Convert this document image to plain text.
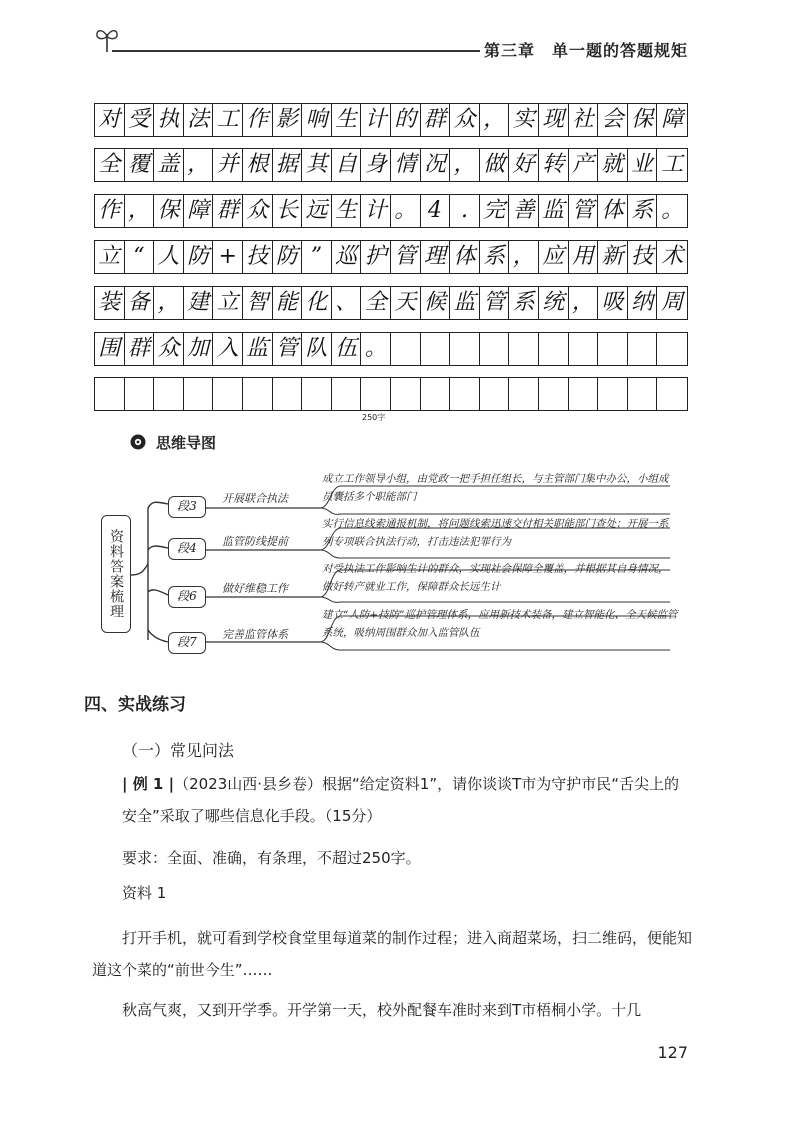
第三章　单一题的答题规矩
对 受 执 法 工 作 影 响 生 计 的 群 众 ， 实 现 社 会 保 障
全 覆 盖 ， 并 根 据 其 自 身 情 况 ， 做 好 转 产 就 业 工
作 ， 保 障 群 众 长 远 生 计 。 4 . 完 善 监 管 体 系 。
立 “ 人 防 + 技 防 ” 巡 护 管 理 体 系 ， 应 用 新 技 术
装 备 ， 建 立 智 能 化 、 全 天 候 监 管 系 统 ， 吸 纳 周
围 群 众 加 入 监 管 队 伍 。
250字
思维导图
资料答案梳理
段3
段4
段6
段7
开展联合执法
监管防线提前
做好维稳工作
完善监管体系
成立工作领导小组，由党政一把手担任组长，与主管部门集中办公，小组成员囊括多个职能部门
实行信息线索通报机制，将问题线索迅速交付相关职能部门查处；开展一系列专项联合执法行动，打击违法犯罪行为
对受执法工作影响生计的群众，实现社会保障全覆盖，并根据其自身情况，做好转产就业工作，保障群众长远生计
建立“人防+技防”巡护管理体系，应用新技术装备，建立智能化、全天候监管系统，吸纳周围群众加入监管队伍
四、实战练习
（一）常见问法
| 例 1 |（2023山西·县乡卷）根据“给定资料1”，请你谈谈T市为守护市民“舌尖上的安全”采取了哪些信息化手段。（15分）
要求：全面、准确，有条理，不超过250字。
资料 1
打开手机，就可看到学校食堂里每道菜的制作过程；进入商超菜场，扫二维码，便能知道这个菜的“前世今生”……
秋高气爽，又到开学季。开学第一天，校外配餐车准时来到T市梧桐小学。十几
127
